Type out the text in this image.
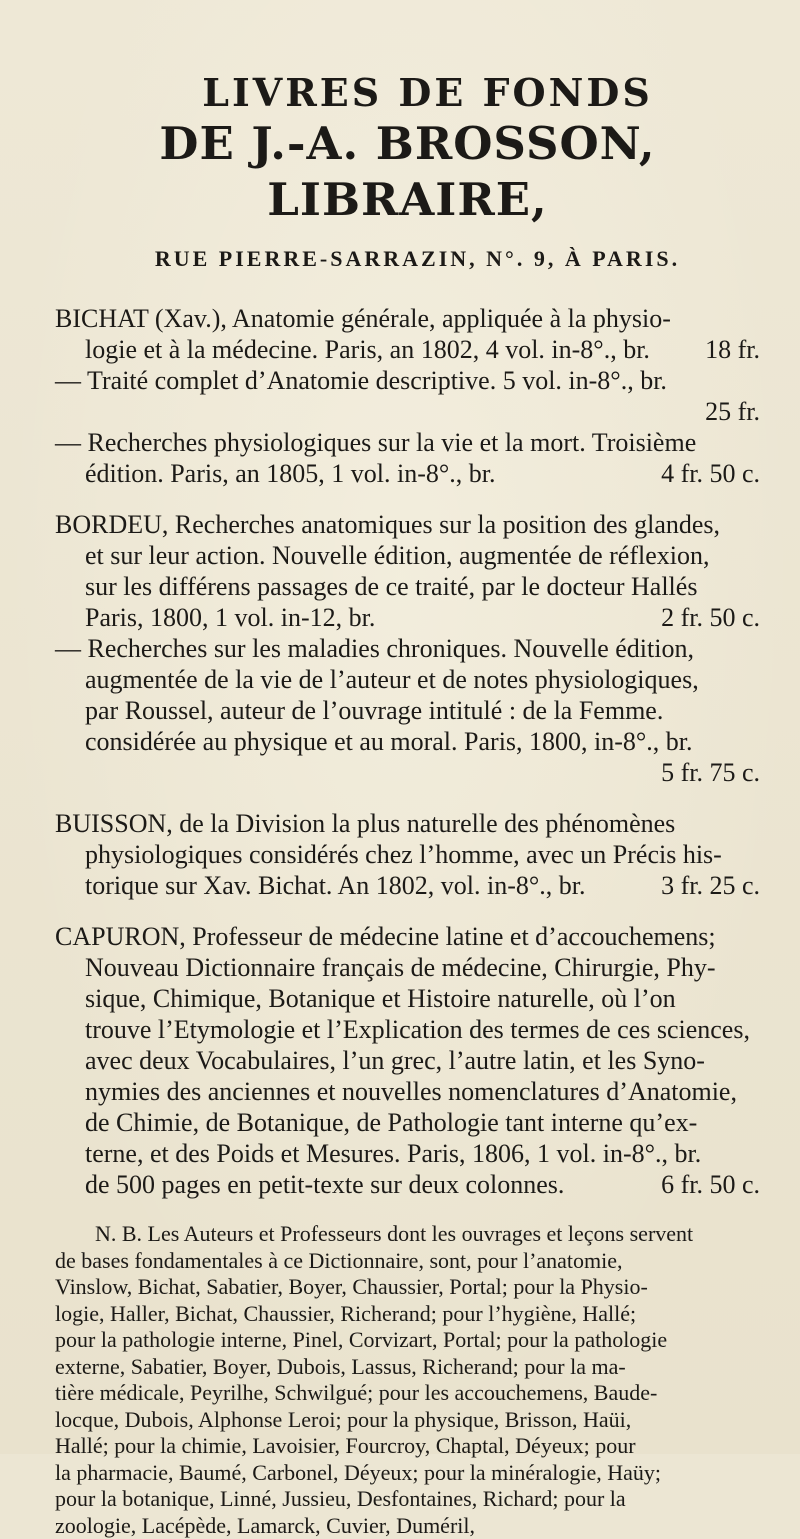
LIVRES DE FONDS
DE J.-A. BROSSON, LIBRAIRE,
RUE PIERRE-SARRAZIN, N°. 9, À PARIS.
BICHAT (Xav.), Anatomie générale, appliquée à la physio-
logie et à la médecine. Paris, an 1802, 4 vol. in-8°., br. 18 fr.
— Traité complet d’Anatomie descriptive. 5 vol. in-8°., br.
25 fr.
— Recherches physiologiques sur la vie et la mort. Troisième
édition. Paris, an 1805, 1 vol. in-8°., br.	4 fr. 50 c.
BORDEU, Recherches anatomiques sur la position des glandes,
et sur leur action. Nouvelle édition, augmentée de réflexion,
sur les différens passages de ce traité, par le docteur Hallés
Paris, 1800, 1 vol. in-12, br.	2 fr. 50 c.
— Recherches sur les maladies chroniques. Nouvelle édition,
augmentée de la vie de l’auteur et de notes physiologiques,
par Roussel, auteur de l’ouvrage intitulé : de la Femme.
considérée au physique et au moral. Paris, 1800, in-8°., br.
5 fr. 75 c.
BUISSON, de la Division la plus naturelle des phénomènes
physiologiques considérés chez l’homme, avec un Précis his-
torique sur Xav. Bichat. An 1802, vol. in-8°., br.	3 fr. 25 c.
CAPURON, Professeur de médecine latine et d’accouchemens;
Nouveau Dictionnaire français de médecine, Chirurgie, Phy-
sique, Chimique, Botanique et Histoire naturelle, où l’on
trouve l’Etymologie et l’Explication des termes de ces sciences,
avec deux Vocabulaires, l’un grec, l’autre latin, et les Syno-
nymies des anciennes et nouvelles nomenclatures d’Anatomie,
de Chimie, de Botanique, de Pathologie tant interne qu’ex-
terne, et des Poids et Mesures. Paris, 1806, 1 vol. in-8°., br.
de 500 pages en petit-texte sur deux colonnes.	6 fr. 50 c.
N. B. Les Auteurs et Professeurs dont les ouvrages et leçons servent
de bases fondamentales à ce Dictionnaire, sont, pour l’anatomie,
Vinslow, Bichat, Sabatier, Boyer, Chaussier, Portal; pour la Physio-
logie, Haller, Bichat, Chaussier, Richerand; pour l’hygiène, Hallé;
pour la pathologie interne, Pinel, Corvizart, Portal; pour la pathologie
externe, Sabatier, Boyer, Dubois, Lassus, Richerand; pour la ma-
tière médicale, Peyrilhe, Schwilgué; pour les accouchemens, Baude-
locque, Dubois, Alphonse Leroi; pour la physique, Brisson, Haüi,
Hallé; pour la chimie, Lavoisier, Fourcroy, Chaptal, Déyeux; pour
la pharmacie, Baumé, Carbonel, Déyeux; pour la minéralogie, Haüy;
pour la botanique, Linné, Jussieu, Desfontaines, Richard; pour la
zoologie, Lacépède, Lamarck, Cuvier, Duméril,
